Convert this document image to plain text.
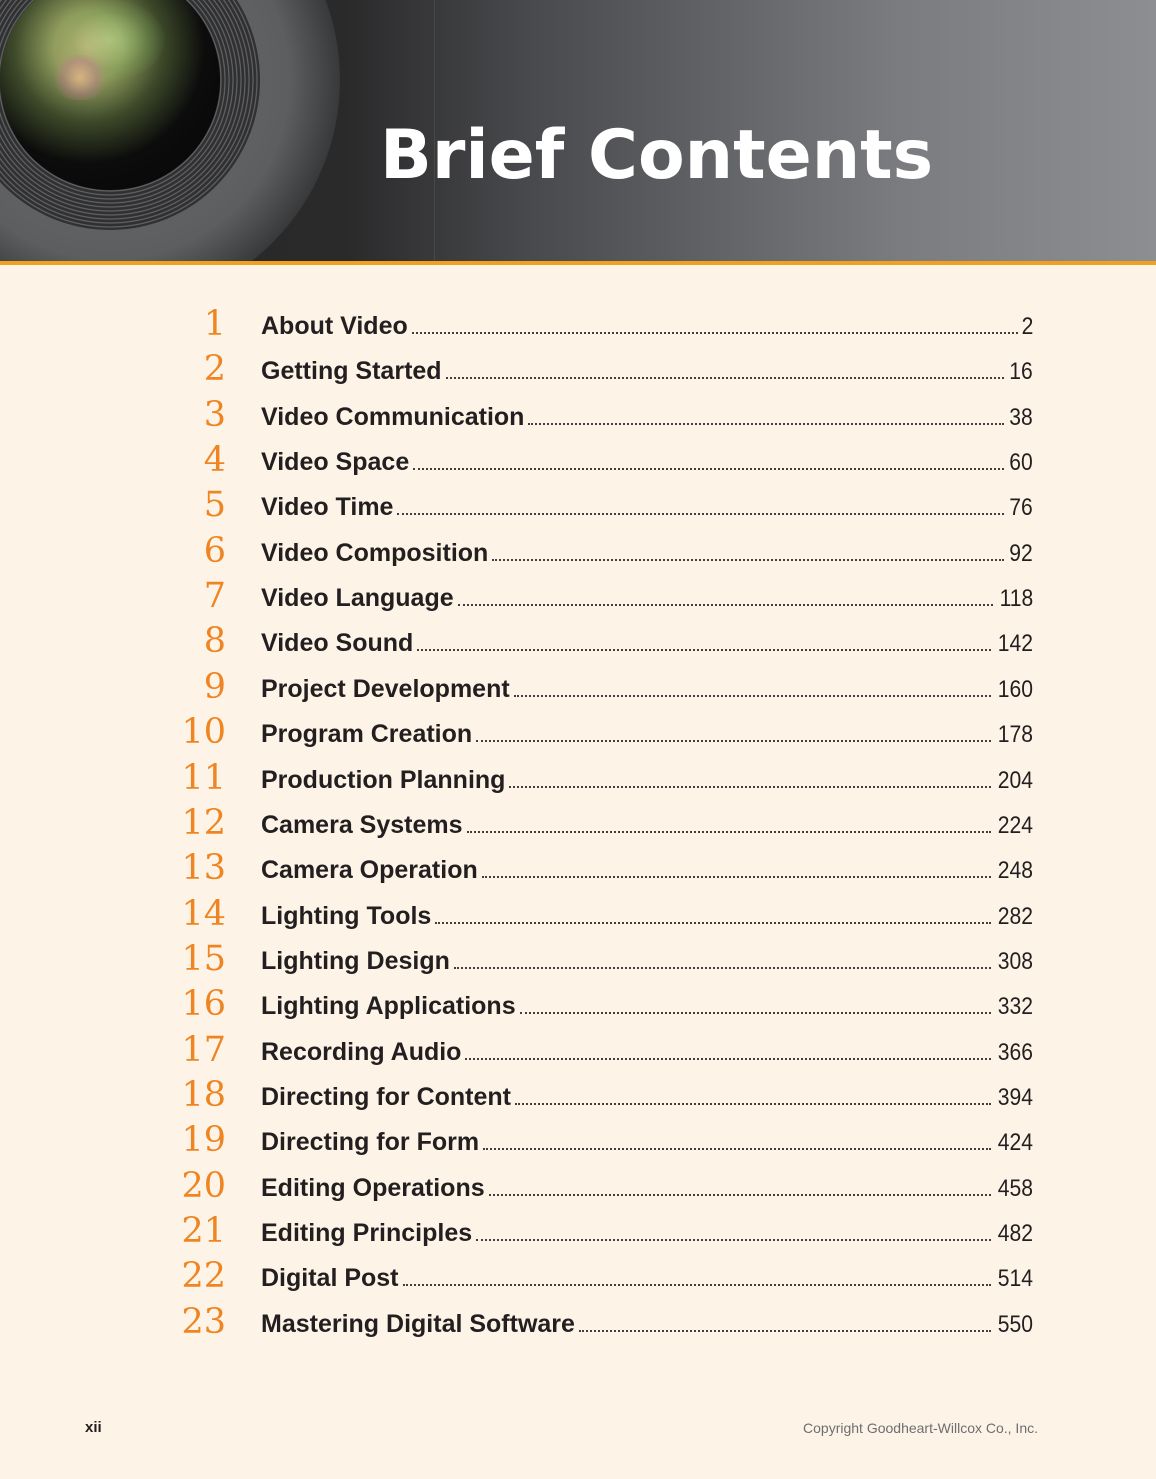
Brief Contents
1 About Video	2
2 Getting Started	16
3 Video Communication	38
4 Video Space	60
5 Video Time	76
6 Video Composition	92
7 Video Language	118
8 Video Sound	142
9 Project Development	160
10 Program Creation	178
11 Production Planning	204
12 Camera Systems	224
13 Camera Operation	248
14 Lighting Tools	282
15 Lighting Design	308
16 Lighting Applications	332
17 Recording Audio	366
18 Directing for Content	394
19 Directing for Form	424
20 Editing Operations	458
21 Editing Principles	482
22 Digital Post	514
23 Mastering Digital Software	550
xii	Copyright Goodheart-Willcox Co., Inc.
